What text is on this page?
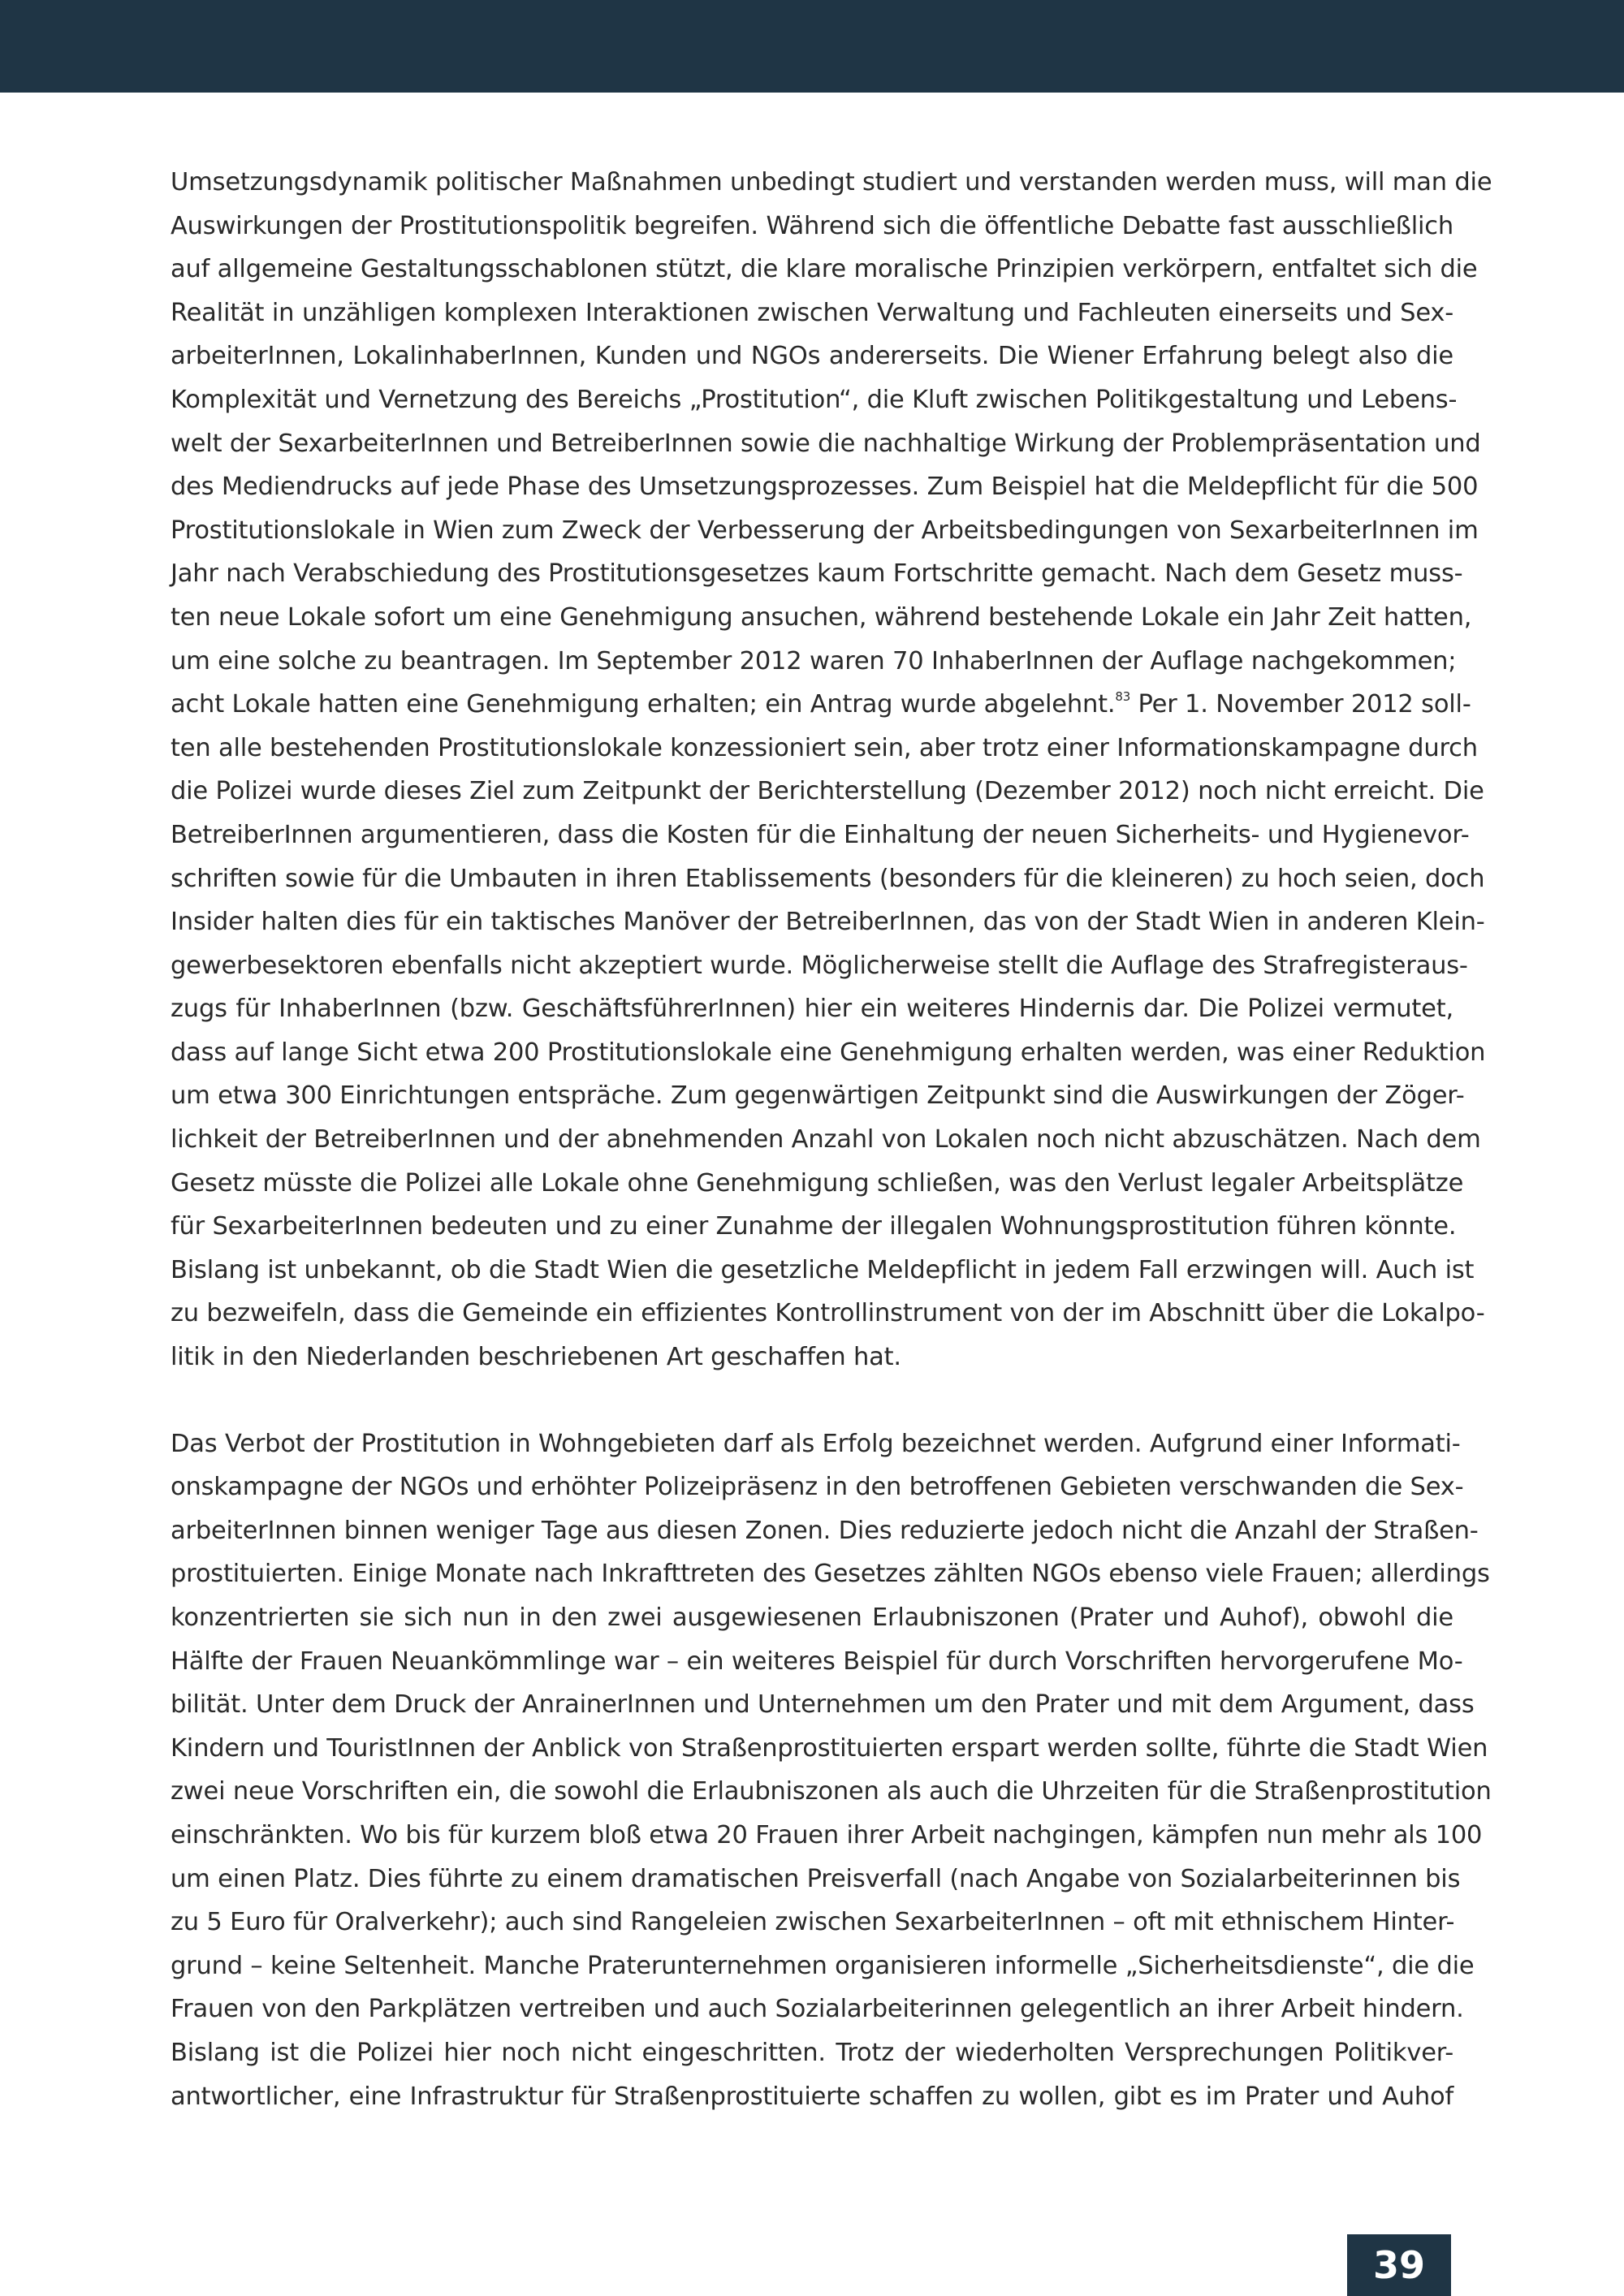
Umsetzungsdynamik politischer Maßnahmen unbedingt studiert und verstanden werden muss, will man die
Auswirkungen der Prostitutionspolitik begreifen. Während sich die öffentliche Debatte fast ausschließlich
auf allgemeine Gestaltungsschablonen stützt, die klare moralische Prinzipien verkörpern, entfaltet sich die
Realität in unzähligen komplexen Interaktionen zwischen Verwaltung und Fachleuten einerseits und Sex-
arbeiterInnen, LokalinhaberInnen, Kunden und NGOs andererseits. Die Wiener Erfahrung belegt also die
Komplexität und Vernetzung des Bereichs „Prostitution“, die Kluft zwischen Politikgestaltung und Lebens-
welt der SexarbeiterInnen und BetreiberInnen sowie die nachhaltige Wirkung der Problempräsentation und
des Mediendrucks auf jede Phase des Umsetzungsprozesses. Zum Beispiel hat die Meldepflicht für die 500
Prostitutionslokale in Wien zum Zweck der Verbesserung der Arbeitsbedingungen von SexarbeiterInnen im
Jahr nach Verabschiedung des Prostitutionsgesetzes kaum Fortschritte gemacht. Nach dem Gesetz muss-
ten neue Lokale sofort um eine Genehmigung ansuchen, während bestehende Lokale ein Jahr Zeit hatten,
um eine solche zu beantragen. Im September 2012 waren 70 InhaberInnen der Auflage nachgekommen;
acht Lokale hatten eine Genehmigung erhalten; ein Antrag wurde abgelehnt.$^{83}$ Per 1. November 2012 soll-
ten alle bestehenden Prostitutionslokale konzessioniert sein, aber trotz einer Informationskampagne durch
die Polizei wurde dieses Ziel zum Zeitpunkt der Berichterstellung (Dezember 2012) noch nicht erreicht. Die
BetreiberInnen argumentieren, dass die Kosten für die Einhaltung der neuen Sicherheits- und Hygienevor-
schriften sowie für die Umbauten in ihren Etablissements (besonders für die kleineren) zu hoch seien, doch
Insider halten dies für ein taktisches Manöver der BetreiberInnen, das von der Stadt Wien in anderen Klein-
gewerbesektoren ebenfalls nicht akzeptiert wurde. Möglicherweise stellt die Auflage des Strafregisteraus-
zugs für InhaberInnen (bzw. GeschäftsführerInnen) hier ein weiteres Hindernis dar. Die Polizei vermutet,
dass auf lange Sicht etwa 200 Prostitutionslokale eine Genehmigung erhalten werden, was einer Reduktion
um etwa 300 Einrichtungen entspräche. Zum gegenwärtigen Zeitpunkt sind die Auswirkungen der Zöger-
lichkeit der BetreiberInnen und der abnehmenden Anzahl von Lokalen noch nicht abzuschätzen. Nach dem
Gesetz müsste die Polizei alle Lokale ohne Genehmigung schließen, was den Verlust legaler Arbeitsplätze
für SexarbeiterInnen bedeuten und zu einer Zunahme der illegalen Wohnungsprostitution führen könnte.
Bislang ist unbekannt, ob die Stadt Wien die gesetzliche Meldepflicht in jedem Fall erzwingen will. Auch ist
zu bezweifeln, dass die Gemeinde ein effizientes Kontrollinstrument von der im Abschnitt über die Lokalpo-
litik in den Niederlanden beschriebenen Art geschaffen hat.
Das Verbot der Prostitution in Wohngebieten darf als Erfolg bezeichnet werden. Aufgrund einer Informati-
onskampagne der NGOs und erhöhter Polizeipräsenz in den betroffenen Gebieten verschwanden die Sex-
arbeiterInnen binnen weniger Tage aus diesen Zonen. Dies reduzierte jedoch nicht die Anzahl der Straßen-
prostituierten. Einige Monate nach Inkrafttreten des Gesetzes zählten NGOs ebenso viele Frauen; allerdings
konzentrierten sie sich nun in den zwei ausgewiesenen Erlaubniszonen (Prater und Auhof), obwohl die
Hälfte der Frauen Neuankömmlinge war – ein weiteres Beispiel für durch Vorschriften hervorgerufene Mo-
bilität. Unter dem Druck der AnrainerInnen und Unternehmen um den Prater und mit dem Argument, dass
Kindern und TouristInnen der Anblick von Straßenprostituierten erspart werden sollte, führte die Stadt Wien
zwei neue Vorschriften ein, die sowohl die Erlaubniszonen als auch die Uhrzeiten für die Straßenprostitution
einschränkten. Wo bis für kurzem bloß etwa 20 Frauen ihrer Arbeit nachgingen, kämpfen nun mehr als 100
um einen Platz. Dies führte zu einem dramatischen Preisverfall (nach Angabe von Sozialarbeiterinnen bis
zu 5 Euro für Oralverkehr); auch sind Rangeleien zwischen SexarbeiterInnen – oft mit ethnischem Hinter-
grund – keine Seltenheit. Manche Praterunternehmen organisieren informelle „Sicherheitsdienste“, die die
Frauen von den Parkplätzen vertreiben und auch Sozialarbeiterinnen gelegentlich an ihrer Arbeit hindern.
Bislang ist die Polizei hier noch nicht eingeschritten. Trotz der wiederholten Versprechungen Politikver-
antwortlicher, eine Infrastruktur für Straßenprostituierte schaffen zu wollen, gibt es im Prater und Auhof
39
